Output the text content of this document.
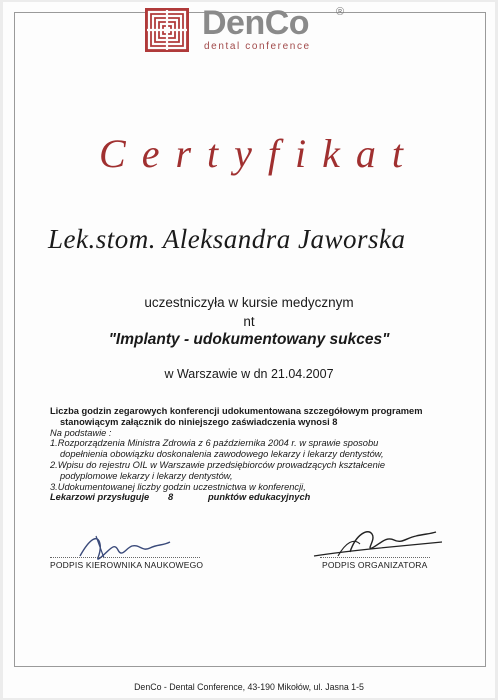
DenCo ®
dental conference
Certyfikat
Lek.stom. Aleksandra Jaworska
uczestniczyła w kursie medycznym
nt
"Implanty - udokumentowany sukces"
w Warszawie w dn 21.04.2007
Liczba godzin zegarowych konferencji udokumentowana szczegółowym programem
stanowiącym załącznik do niniejszego zaświadczenia wynosi 8
Na podstawie :
1.Rozporządzenia Ministra Zdrowia z 6 października 2004 r. w sprawie sposobu
dopełnienia obowiązku doskonalenia zawodowego lekarzy i lekarzy dentystów,
2.Wpisu do rejestru OIL w Warszawie przedsiębiorców prowadzących kształcenie
podyplomowe lekarzy i lekarzy dentystów,
3.Udokumentowanej liczby godzin uczestnictwa w konferencji,
Lekarzowi przysługuje 8	punktów edukacyjnych
PODPIS KIEROWNIKA NAUKOWEGO	PODPIS ORGANIZATORA
DenCo - Dental Conference, 43-190 Mikołów, ul. Jasna 1-5
